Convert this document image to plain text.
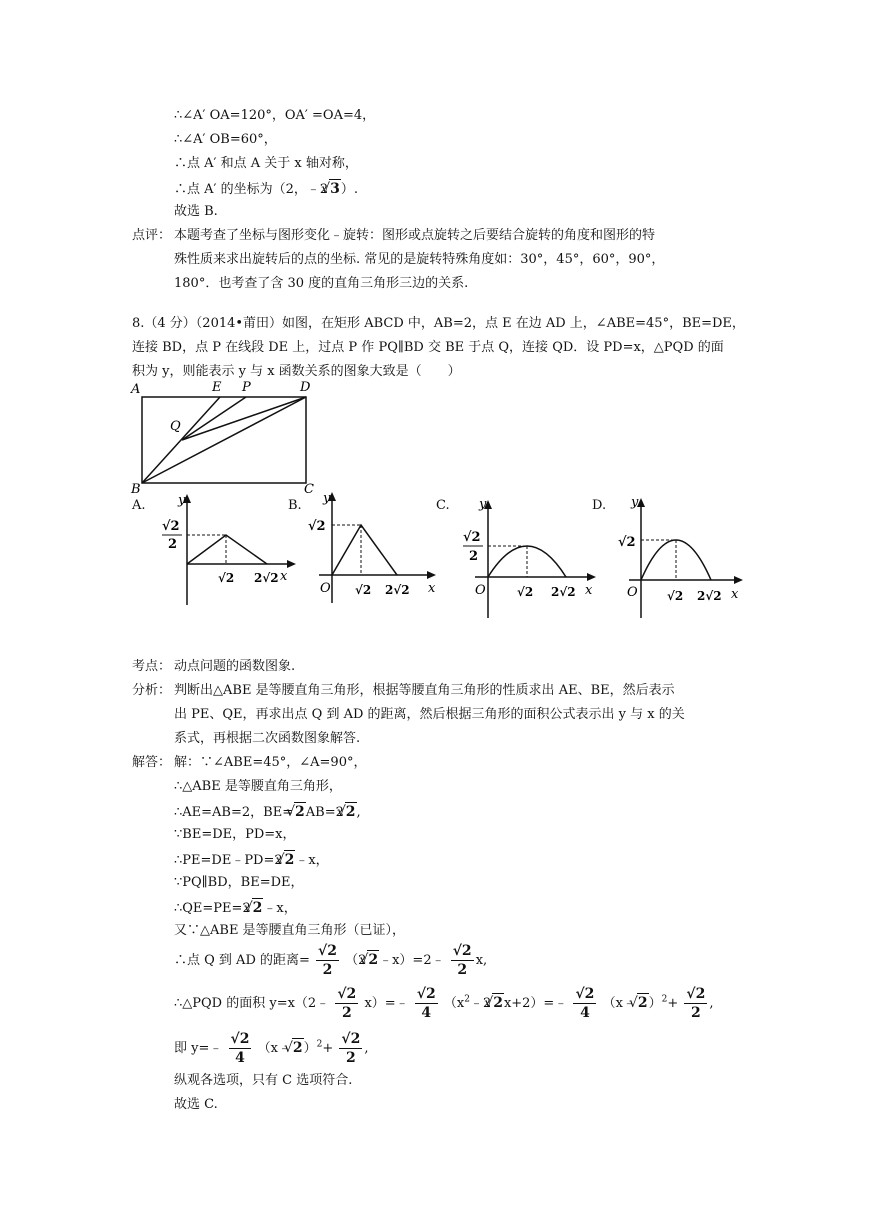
∴∠A′ OA=120°，OA′ =OA=4，
∴∠A′ OB=60°，
∴点 A′ 和点 A 关于 x 轴对称，
∴点 A′ 的坐标为（2，﹣2√ 3）.
故选 B.
点评： 本题考查了坐标与图形变化﹣旋转：图形或点旋转之后要结合旋转的角度和图形的特
殊性质来求出旋转后的点的坐标. 常见的是旋转特殊角度如：30°，45°，60°，90°，
180°．也考查了含 30 度的直角三角形三边的关系.
8.（4 分）（2014•莆田）如图，在矩形 ABCD 中，AB=2，点 E 在边 AD 上，∠ABE=45°，BE=DE，
连接 BD，点 P 在线段 DE 上，过点 P 作 PQ∥BD 交 BE 于点 Q，连接 QD．设 PD=x，△PQD 的面
积为 y，则能表示 y 与 x 函数关系的图象大致是（　　）
A	E P	D
Q
B	C
A. y
x
√2
2
√2 2√2
B. y
x
O
√2
√2 2√2
C. y
x
O
√2
2
√2 2√2
D. y
x
O
√2
√2 2√2
考点： 动点问题的函数图象.
分析： 判断出△ABE 是等腰直角三角形，根据等腰直角三角形的性质求出 AE、BE，然后表示
出 PE、QE，再求出点 Q 到 AD 的距离，然后根据三角形的面积公式表示出 y 与 x 的关
系式，再根据二次函数图象解答.
解答： 解：∵∠ABE=45°，∠A=90°，
∴△ABE 是等腰直角三角形，
∴AE=AB=2，BE=√ 2AB=2√ 2,
∵BE=DE，PD=x，
∴PE=DE﹣PD=2√ 2﹣x，
∵PQ∥BD，BE=DE，
∴QE=PE=2√ 2﹣x，
又∵△ABE 是等腰直角三角形（已证），
∴点 Q 到 AD 的距离= $\frac{√2}{2} (2√$ 2﹣x）=2﹣ $\frac{√2}{2} x$,
∴△PQD 的面积 y=x（2﹣ $\frac{√2}{2}$ x）=﹣ $\frac{√2}{4}$ （$x^2﹣2√$ 2x+2）=﹣ $\frac{√2}{4}$ （x﹣√ $2)^2+ \frac{√2}{2}$ ,
即 y=﹣ $\frac{√2}{4}$ （x﹣√ $2)^2+ \frac{√2}{2}$ ,
纵观各选项，只有 C 选项符合.
故选 C.
